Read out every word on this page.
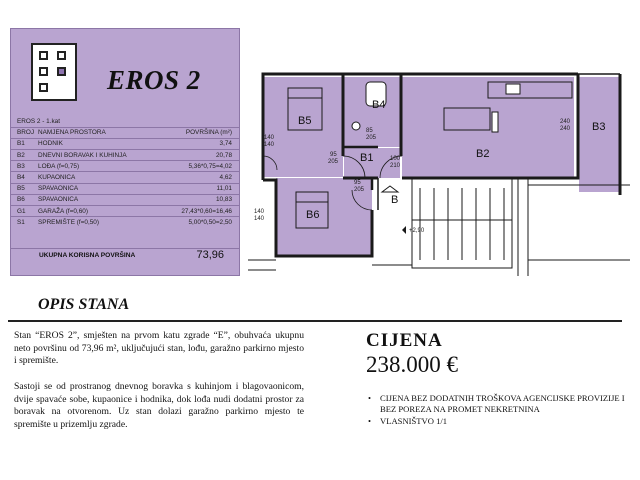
EROS 2
EROS 2 - 1.kat		
BROJ	NAMJENA PROSTORA	POVRŠINA (m²)
B1	HODNIK	3,74
B2	DNEVNI BORAVAK I KUHINJA	20,78
B3	LOĐA (f=0,75)	5,36*0,75=4,02
B4	KUPAONICA	4,62
B5	SPAVAONICA	11,01
B6	SPAVAONICA	10,83
G1	GARAŽA (f=0,60)	27,43*0,60=16,46
S1	SPREMIŠTE (f=0,50)	5,00*0,50=2,50
UKUPNA KORISNA POVRŠINA	73,96
B5
B4
B1	B2
B3
B6
B
140
140
95
205
85
205
100
210
240
240
95
205
140
140
+2,90
OPIS STANA

Stan “EROS 2”, smješten na prvom katu zgrade “E”, obuhvaća ukupnu neto površinu od 73,96 m², uključujući stan, lođu, garažno parkirno mjesto i spremište.

Sastoji se od prostranog dnevnog boravka s kuhinjom i blagovaonicom, dvije spavaće sobe, kupaonice i hodnika, dok lođa nudi dodatni prostor za boravak na otvorenom. Uz stan dolazi garažno parkirno mjesto te spremište u prizemlju zgrade.

CIJENA
238.000 €
• CIJENA BEZ DODATNIH TROŠKOVA AGENCIJSKE PROVIZIJE I BEZ POREZA NA PROMET NEKRETNINA
• VLASNIŠTVO 1/1
